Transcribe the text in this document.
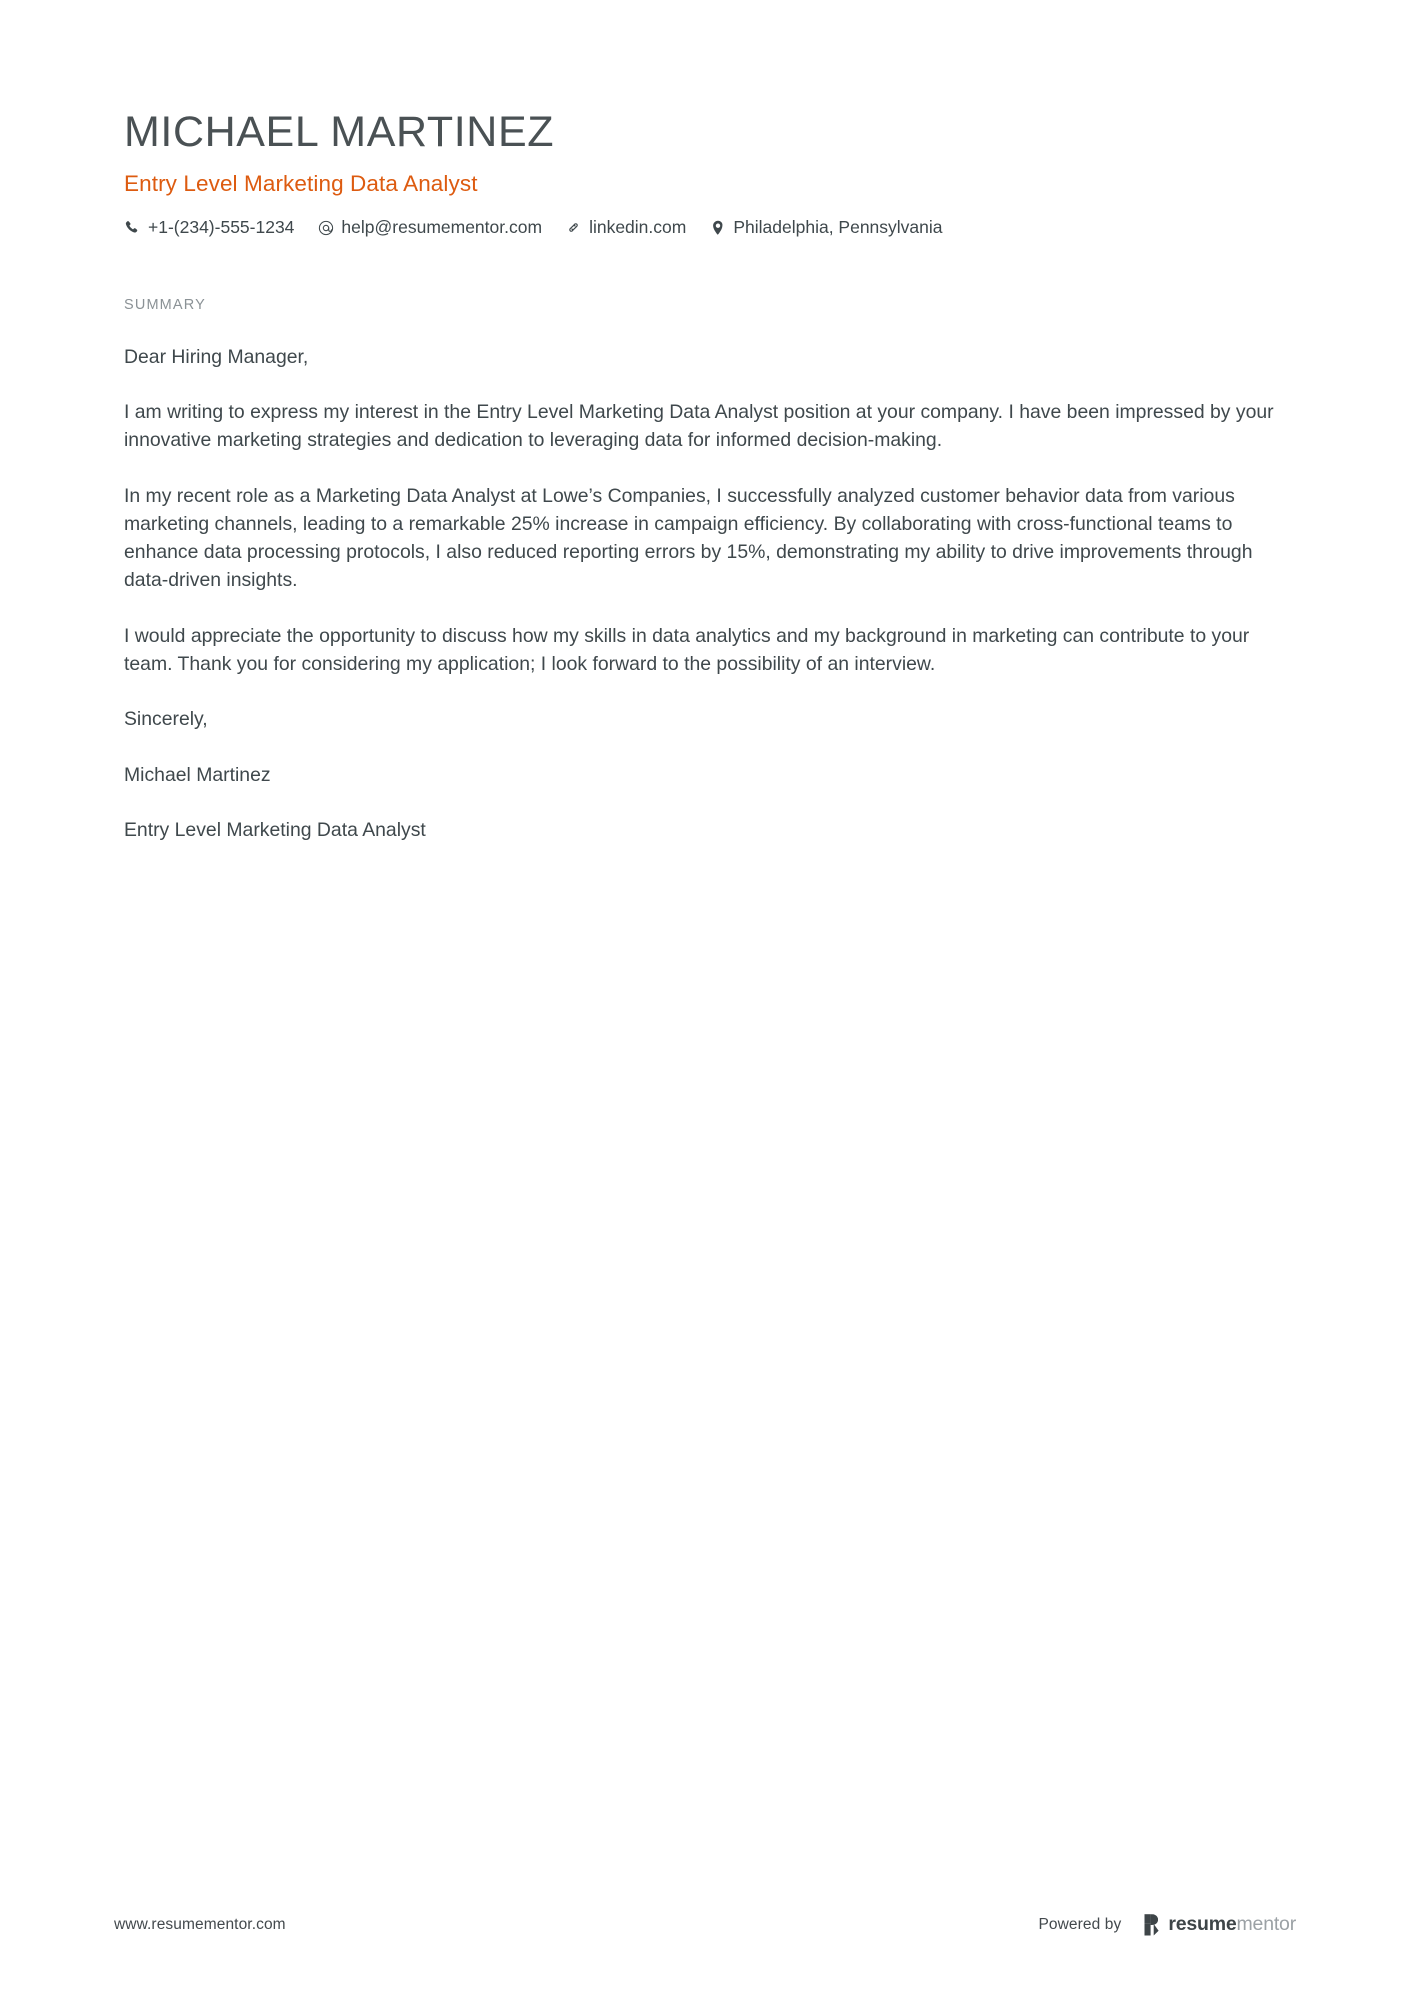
MICHAEL MARTINEZ
Entry Level Marketing Data Analyst
+1-(234)-555-1234	help@resumementor.com	linkedin.com	Philadelphia, Pennsylvania
SUMMARY

Dear Hiring Manager,

I am writing to express my interest in the Entry Level Marketing Data Analyst position at your company. I have been impressed by your innovative marketing strategies and dedication to leveraging data for informed decision-making.

In my recent role as a Marketing Data Analyst at Lowe’s Companies, I successfully analyzed customer behavior data from various marketing channels, leading to a remarkable 25% increase in campaign efficiency. By collaborating with cross-functional teams to enhance data processing protocols, I also reduced reporting errors by 15%, demonstrating my ability to drive improvements through data-driven insights.

I would appreciate the opportunity to discuss how my skills in data analytics and my background in marketing can contribute to your team. Thank you for considering my application; I look forward to the possibility of an interview.

Sincerely,

Michael Martinez

Entry Level Marketing Data Analyst

www.resumementor.com	Powered by resumementor
